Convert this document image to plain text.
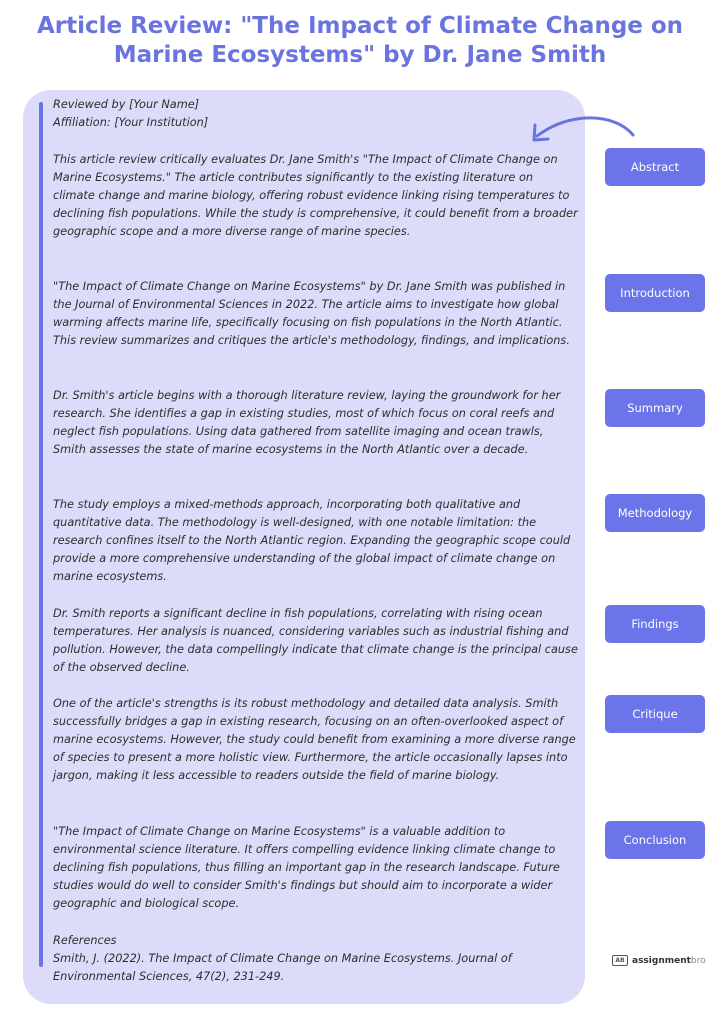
Article Review: "The Impact of Climate Change on
Marine Ecosystems" by Dr. Jane Smith

Reviewed by [Your Name]
Affiliation: [Your Institution]

This article review critically evaluates Dr. Jane Smith's "The Impact of Climate Change on Marine Ecosystems." The article contributes significantly to the existing literature on climate change and marine biology, offering robust evidence linking rising temperatures to declining fish populations. While the study is comprehensive, it could benefit from a broader geographic scope and a more diverse range of marine species.

"The Impact of Climate Change on Marine Ecosystems" by Dr. Jane Smith was published in the Journal of Environmental Sciences in 2022. The article aims to investigate how global warming affects marine life, specifically focusing on fish populations in the North Atlantic. This review summarizes and critiques the article's methodology, findings, and implications.

Dr. Smith's article begins with a thorough literature review, laying the groundwork for her research. She identifies a gap in existing studies, most of which focus on coral reefs and neglect fish populations. Using data gathered from satellite imaging and ocean trawls, Smith assesses the state of marine ecosystems in the North Atlantic over a decade.

The study employs a mixed-methods approach, incorporating both qualitative and quantitative data. The methodology is well-designed, with one notable limitation: the research confines itself to the North Atlantic region. Expanding the geographic scope could provide a more comprehensive understanding of the global impact of climate change on marine ecosystems.

Dr. Smith reports a significant decline in fish populations, correlating with rising ocean temperatures. Her analysis is nuanced, considering variables such as industrial fishing and pollution. However, the data compellingly indicate that climate change is the principal cause of the observed decline.

One of the article's strengths is its robust methodology and detailed data analysis. Smith successfully bridges a gap in existing research, focusing on an often-overlooked aspect of marine ecosystems. However, the study could benefit from examining a more diverse range of species to present a more holistic view. Furthermore, the article occasionally lapses into jargon, making it less accessible to readers outside the field of marine biology.

"The Impact of Climate Change on Marine Ecosystems" is a valuable addition to environmental science literature. It offers compelling evidence linking climate change to declining fish populations, thus filling an important gap in the research landscape. Future studies would do well to consider Smith's findings but should aim to incorporate a wider geographic and biological scope.

References
Smith, J. (2022). The Impact of Climate Change on Marine Ecosystems. Journal of Environmental Sciences, 47(2), 231-249.

Abstract
Introduction
Summary
Methodology
Findings
Critique
Conclusion
AB assignmentbro
